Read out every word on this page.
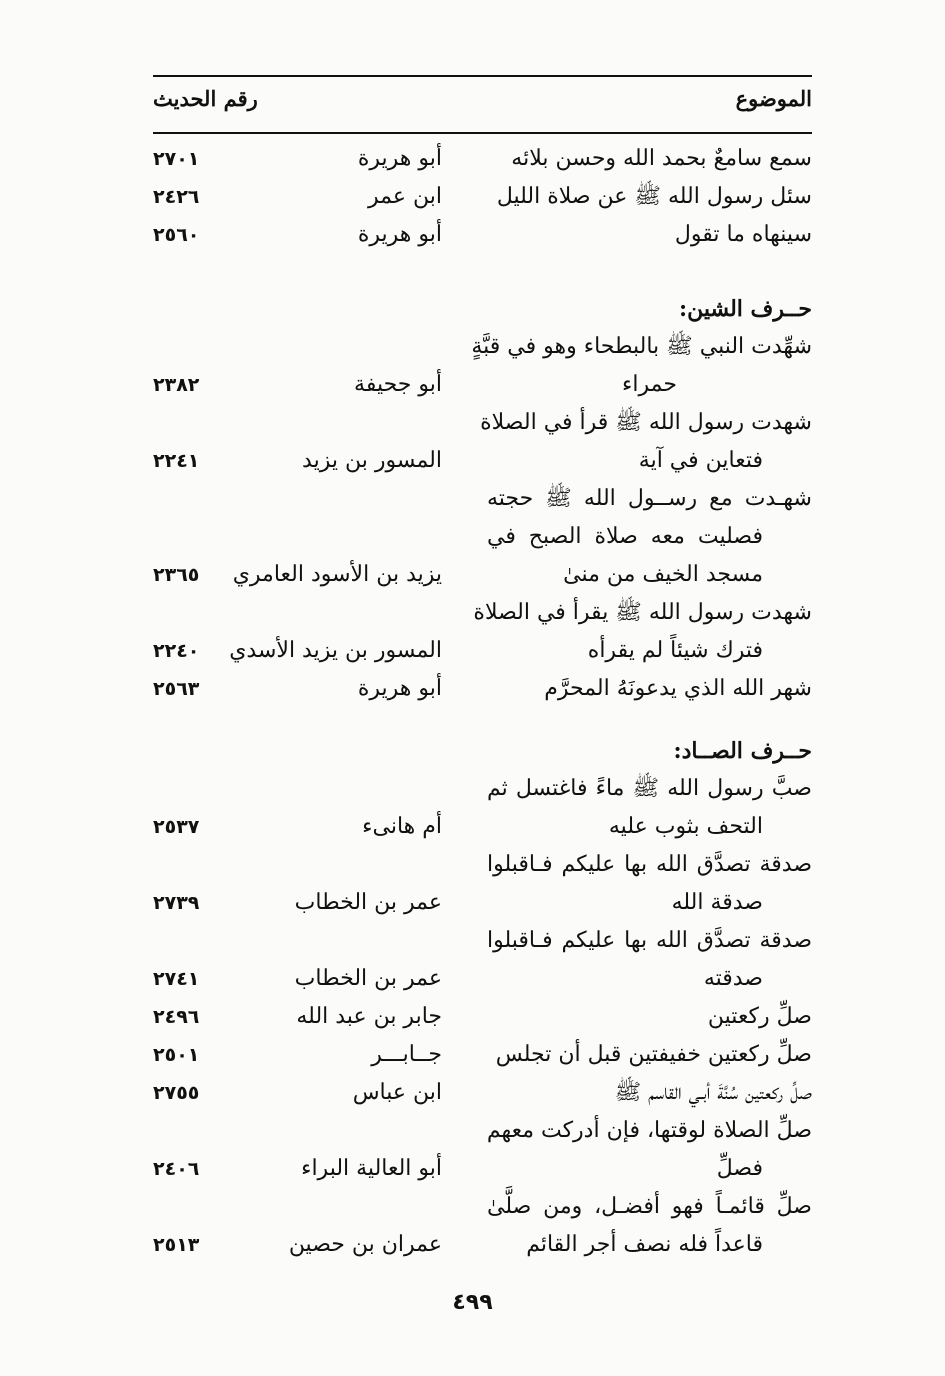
الموضوع
رقم الحديث
سمع سامعٌ بحمد الله وحسن بلائه
أبو هريرة
٢٧٠١
سئل رسول الله ﷺ عن صلاة الليل
ابن عمر
٢٤٢٦
سينهاه ما تقول
أبو هريرة
٢٥٦٠
حــرف الشين:
شهِّدت النبي ﷺ بالبطحاء وهو في قبَّةٍ
حمراء
أبو جحيفة
٢٣٨٢
شهدت رسول الله ﷺ قرأ في الصلاة
فتعاين في آية
المسور بن يزيد
٢٢٤١
شهـدت مع رســول الله ﷺ حجته
فصليت معه صلاة الصبح في
مسجد الخيف من منىٰ
يزيد بن الأسود العامري
٢٣٦٥
شهدت رسول الله ﷺ يقرأ في الصلاة
فترك شيئاً لم يقرأه
المسور بن يزيد الأسدي
٢٢٤٠
شهر الله الذي يدعونَهُ المحرَّم
أبو هريرة
٢٥٦٣
حــرف الصــاد:
صبَّ رسول الله ﷺ ماءً فاغتسل ثم
التحف بثوب عليه
أم هانىء
٢٥٣٧
صدقة تصدَّق الله بها عليكم فـاقبلوا
صدقة الله
عمر بن الخطاب
٢٧٣٩
صدقة تصدَّق الله بها عليكم فـاقبلوا
صدقته
عمر بن الخطاب
٢٧٤١
صلِّ ركعتين
جابر بن عبد الله
٢٤٩٦
صلِّ ركعتين خفيفتين قبل أن تجلس
جــابـــر
٢٥٠١
صلِّ ركعتين سُنَّةَ أبـي القاسم ﷺ
ابن عباس
٢٧٥٥
صلِّ الصلاة لوقتها، فإن أدركت معهم
فصلِّ
أبو العالية البراء
٢٤٠٦
صلِّ قائمـاً فهو أفضـل، ومن صلَّىٰ
قاعداً فله نصف أجر القائم
عمران بن حصين
٢٥١٣
٤٩٩
